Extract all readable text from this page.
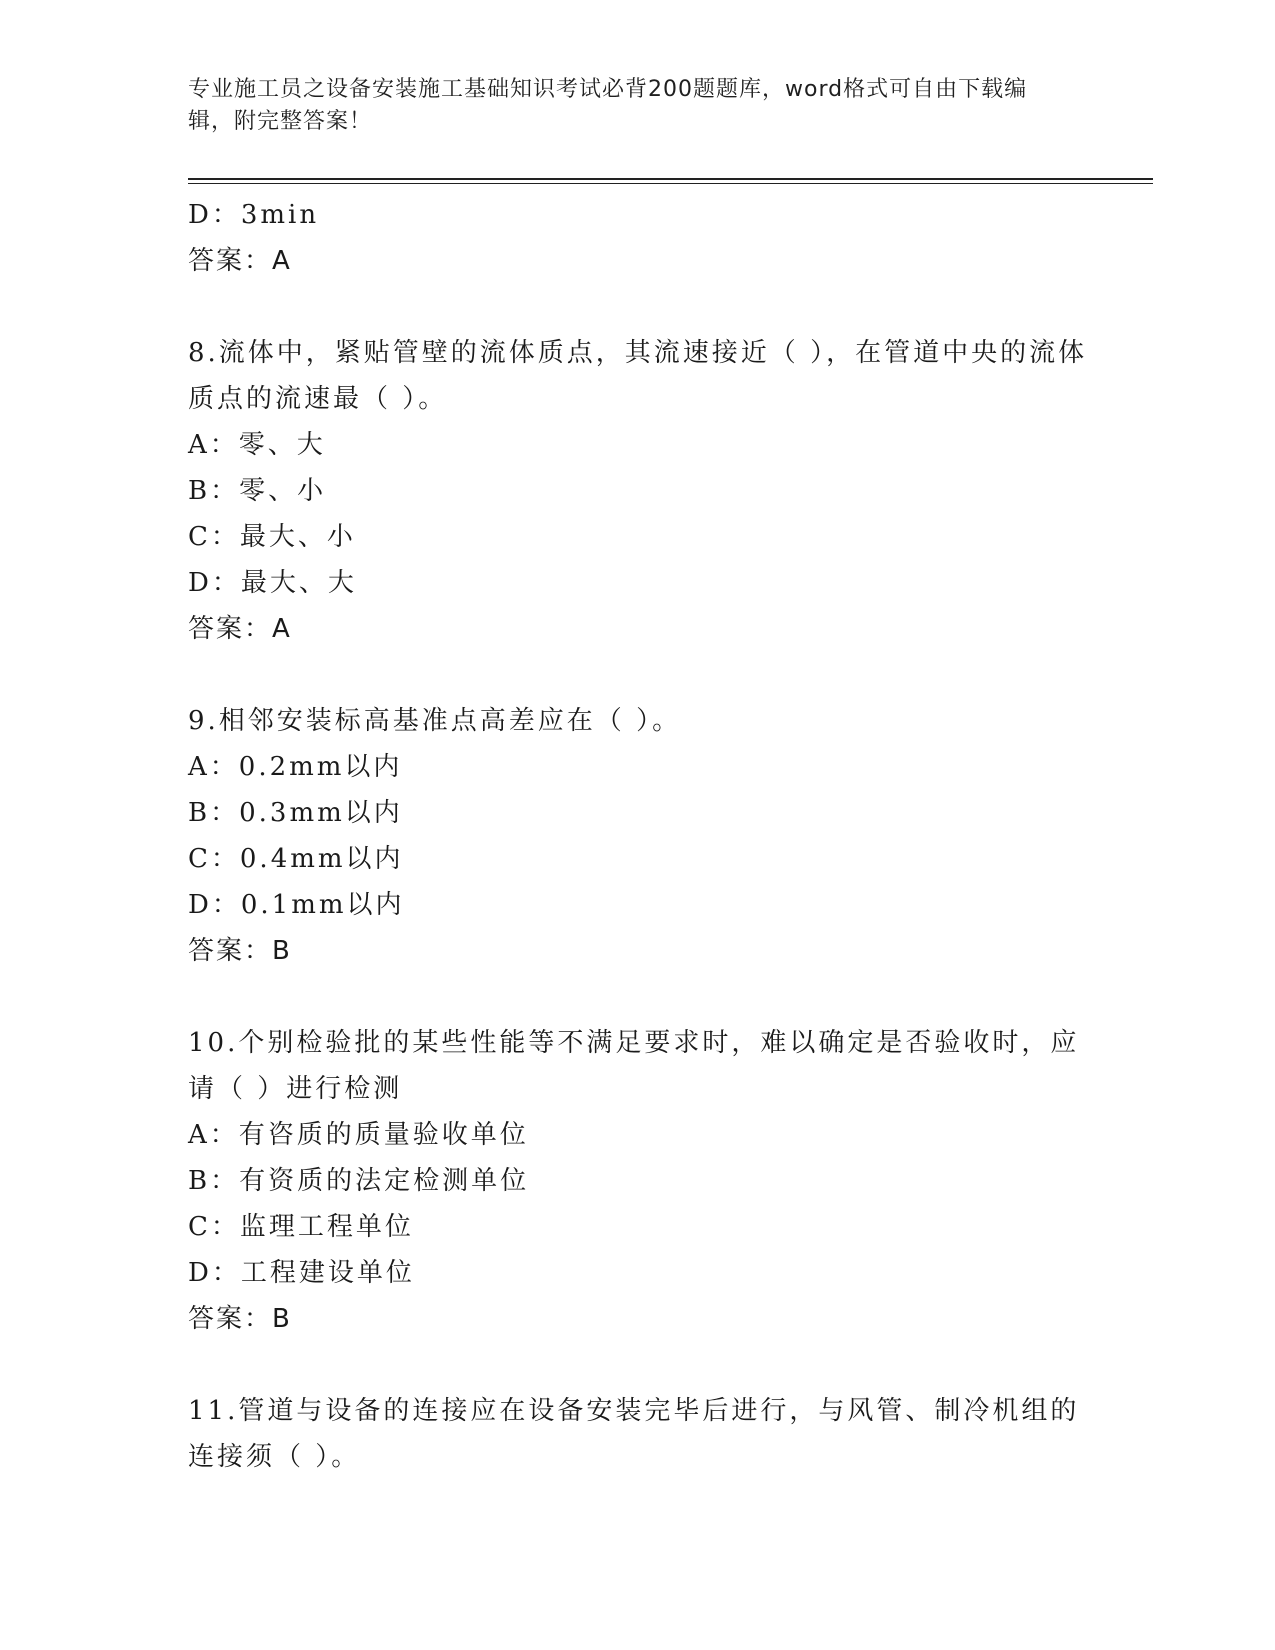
专业施工员之设备安装施工基础知识考试必背200题题库，word格式可自由下载编辑，附完整答案！
D：3min
答案：A
8.流体中，紧贴管壁的流体质点，其流速接近（ ），在管道中央的流体质点的流速最（ ）。
A：零、大
B：零、小
C：最大、小
D：最大、大
答案：A
9.相邻安装标高基准点高差应在（ ）。
A：0.2mm以内
B：0.3mm以内
C：0.4mm以内
D：0.1mm以内
答案：B
10.个别检验批的某些性能等不满足要求时，难以确定是否验收时，应请（ ）进行检测
A：有咨质的质量验收单位
B：有资质的法定检测单位
C：监理工程单位
D：工程建设单位
答案：B
11.管道与设备的连接应在设备安装完毕后进行，与风管、制冷机组的连接须（ ）。
